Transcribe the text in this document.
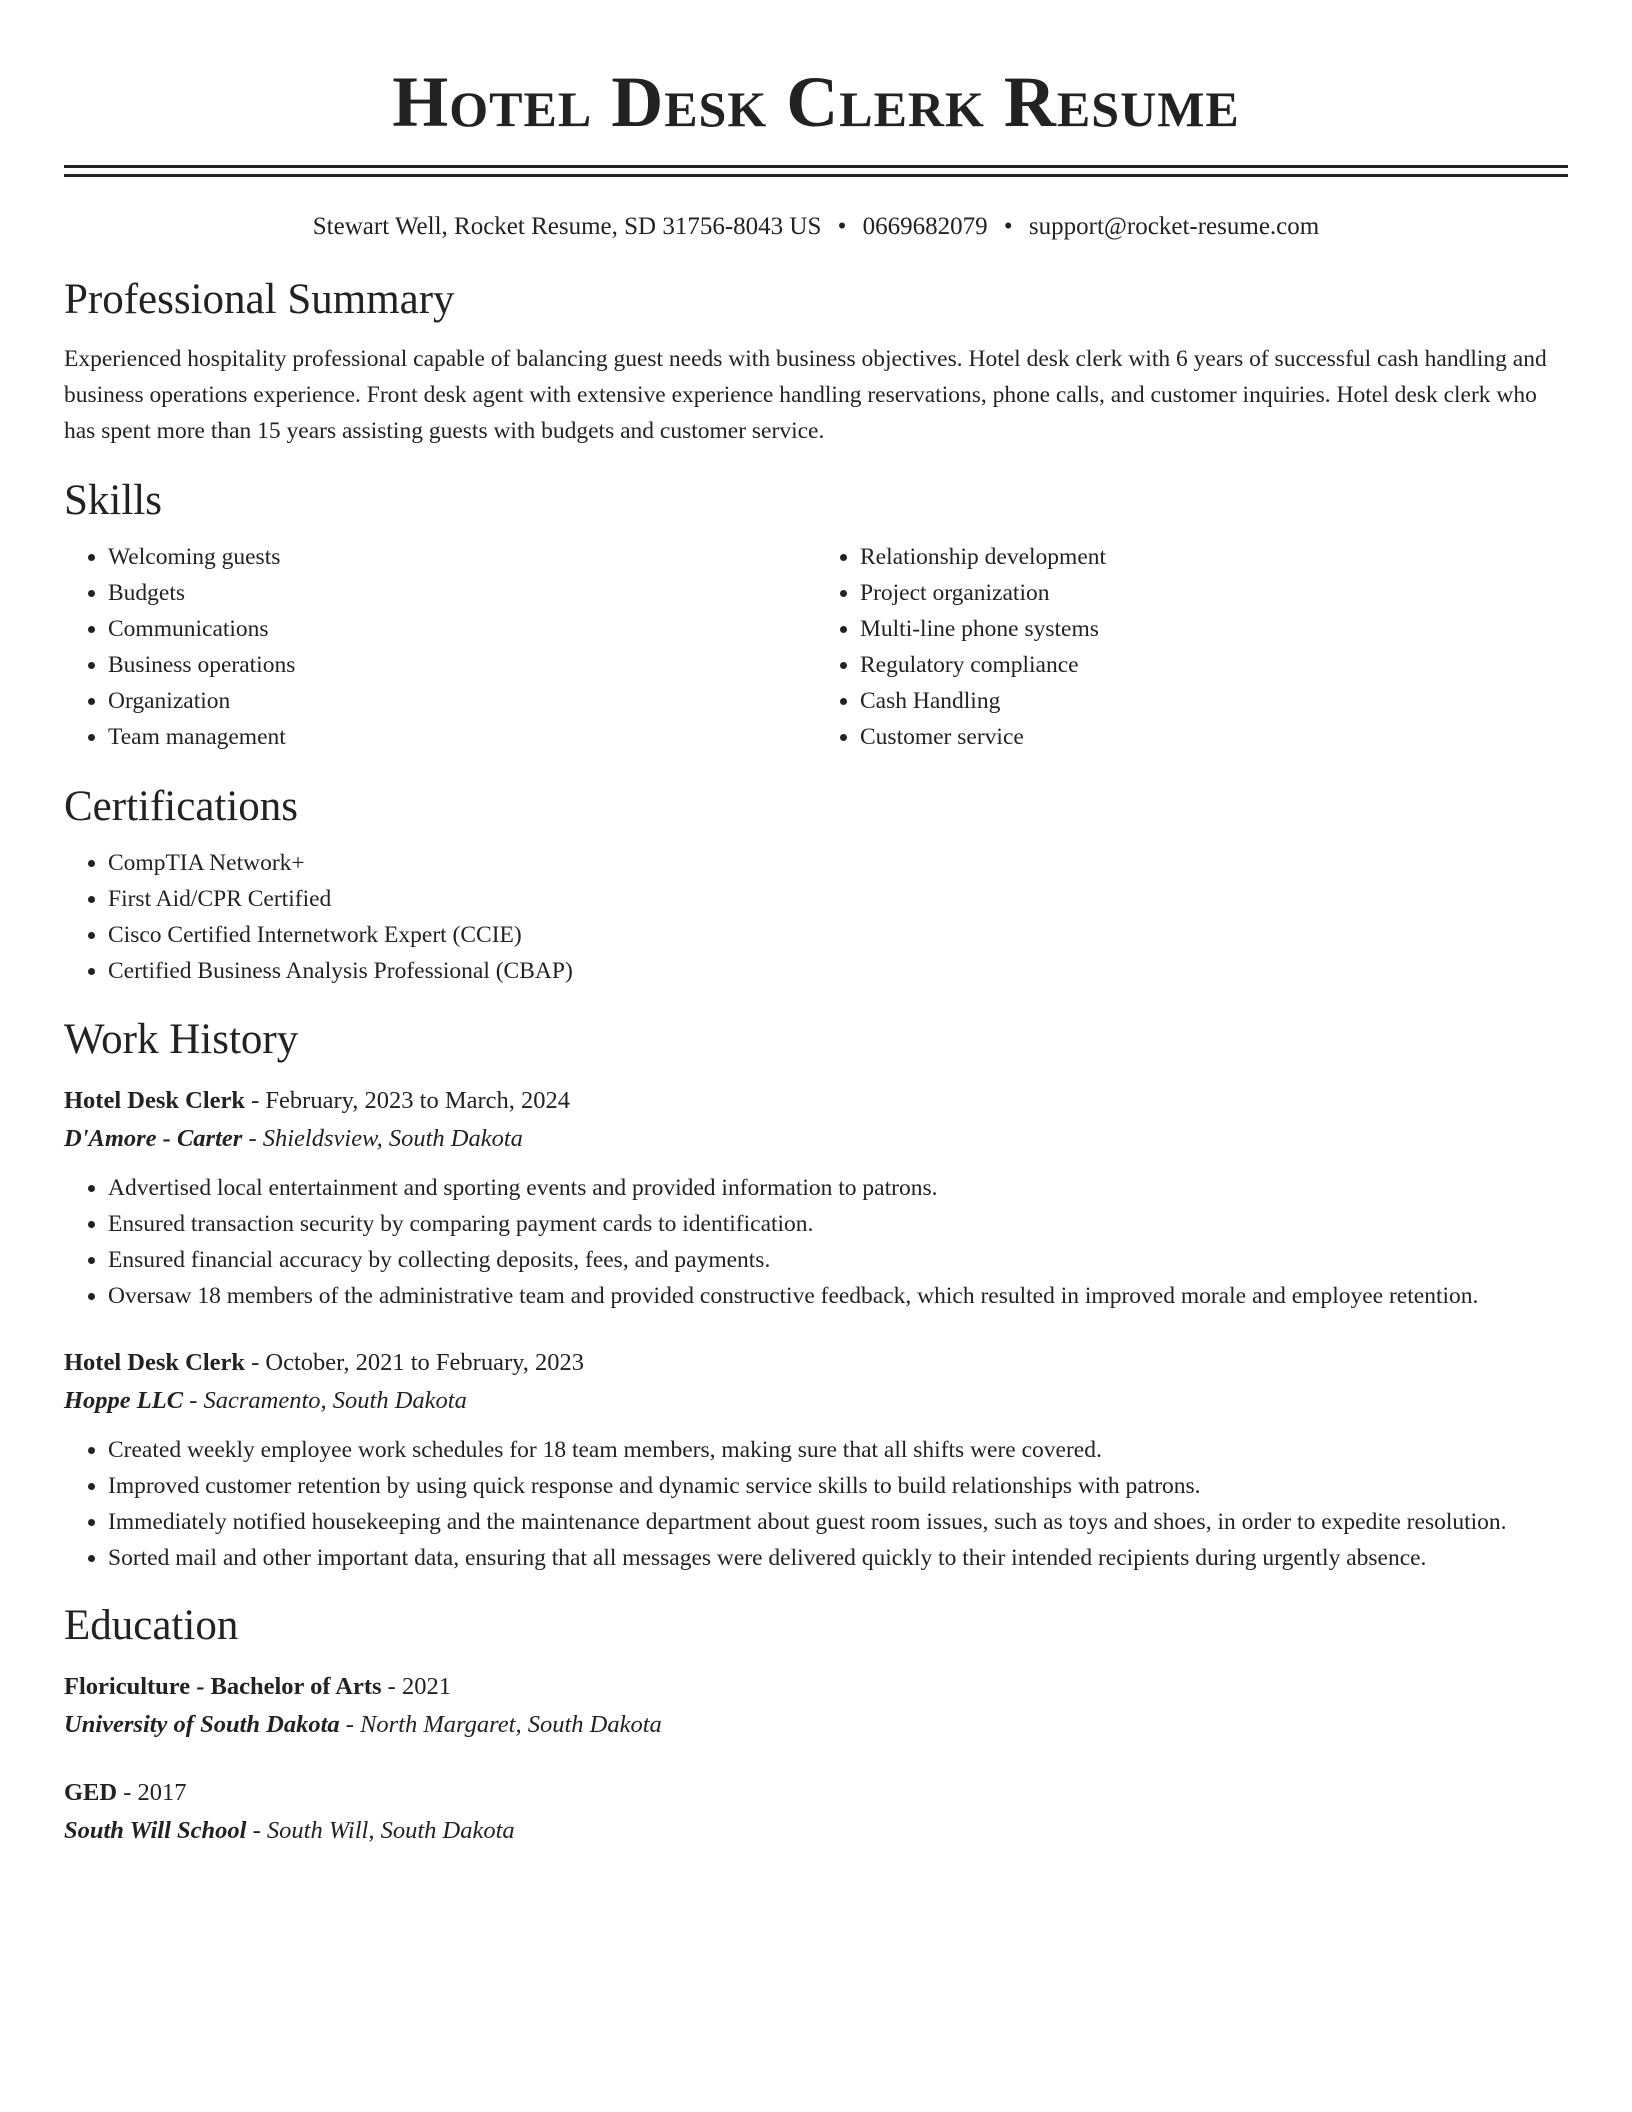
Hotel Desk Clerk Resume
Stewart Well, Rocket Resume, SD 31756-8043 US • 0669682079 • support@rocket-resume.com
Professional Summary

Experienced hospitality professional capable of balancing guest needs with business objectives. Hotel desk clerk with 6 years of successful cash handling and business operations experience. Front desk agent with extensive experience handling reservations, phone calls, and customer inquiries. Hotel desk clerk who has spent more than 15 years assisting guests with budgets and customer service.

Skills
• Welcoming guests
• Budgets
• Communications
• Business operations
• Organization
• Team management
• Relationship development
• Project organization
• Multi-line phone systems
• Regulatory compliance
• Cash Handling
• Customer service
Certifications
• CompTIA Network+
• First Aid/CPR Certified
• Cisco Certified Internetwork Expert (CCIE)
• Certified Business Analysis Professional (CBAP)
Work History
Hotel Desk Clerk - February, 2023 to March, 2024
D'Amore - Carter - Shieldsview, South Dakota
• Advertised local entertainment and sporting events and provided information to patrons.
• Ensured transaction security by comparing payment cards to identification.
• Ensured financial accuracy by collecting deposits, fees, and payments.
• Oversaw 18 members of the administrative team and provided constructive feedback, which resulted in improved morale and employee retention.
Hotel Desk Clerk - October, 2021 to February, 2023
Hoppe LLC - Sacramento, South Dakota
• Created weekly employee work schedules for 18 team members, making sure that all shifts were covered.
• Improved customer retention by using quick response and dynamic service skills to build relationships with patrons.
• Immediately notified housekeeping and the maintenance department about guest room issues, such as toys and shoes, in order to expedite resolution.
• Sorted mail and other important data, ensuring that all messages were delivered quickly to their intended recipients during urgently absence.
Education
Floriculture - Bachelor of Arts - 2021
University of South Dakota - North Margaret, South Dakota
GED - 2017
South Will School - South Will, South Dakota
